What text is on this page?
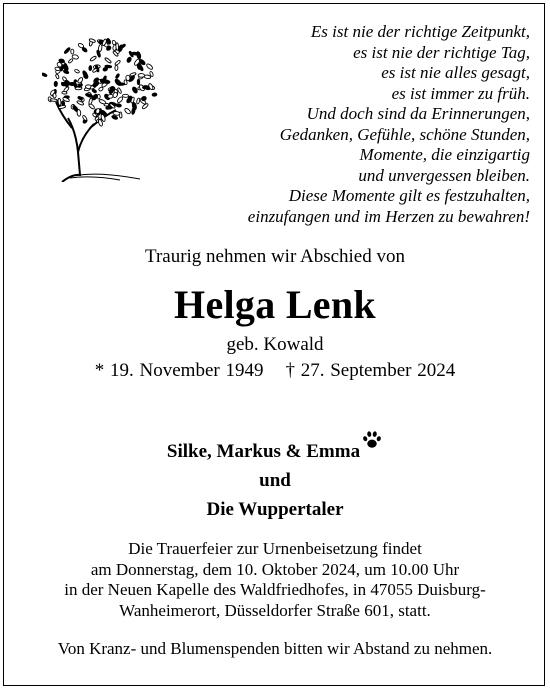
Es ist nie der richtige Zeitpunkt,
es ist nie der richtige Tag,
es ist nie alles gesagt,
es ist immer zu früh.
Und doch sind da Erinnerungen,
Gedanken, Gefühle, schöne Stunden,
Momente, die einzigartig
und unvergessen bleiben.
Diese Momente gilt es festzuhalten,
einzufangen und im Herzen zu bewahren!
Traurig nehmen wir Abschied von
Helga Lenk
geb. Kowald
* 19. November 1949 † 27. September 2024
Silke, Markus & Emma
und
Die Wuppertaler
Die Trauerfeier zur Urnenbeisetzung findet
am Donnerstag, dem 10. Oktober 2024, um 10.00 Uhr
in der Neuen Kapelle des Waldfriedhofes, in 47055 Duisburg-
Wanheimerort, Düsseldorfer Straße 601, statt.
Von Kranz- und Blumenspenden bitten wir Abstand zu nehmen.
